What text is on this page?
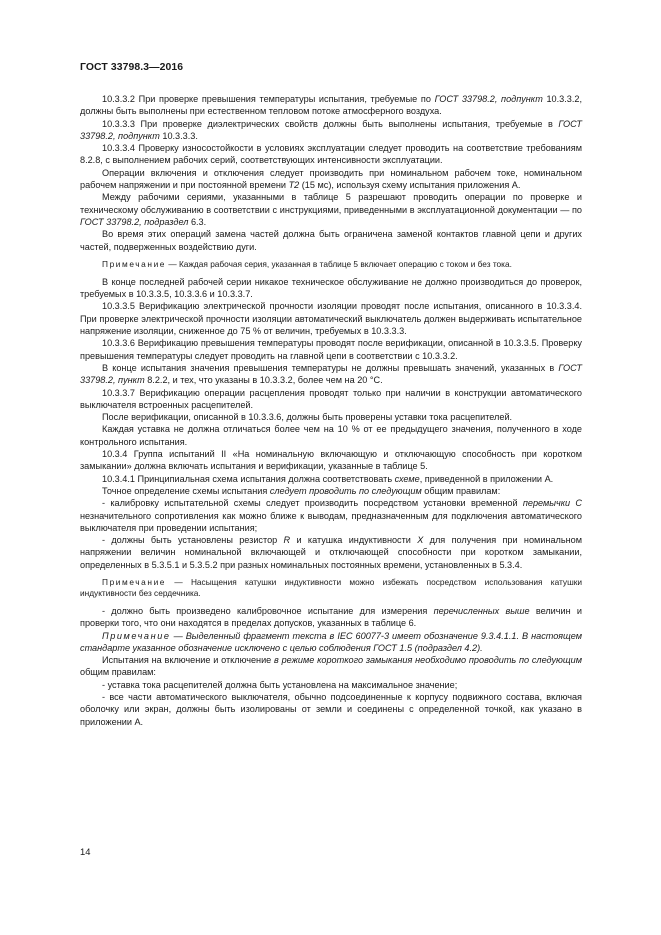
ГОСТ 33798.3—2016

10.3.3.2 При проверке превышения температуры испытания, требуемые по ГОСТ 33798.2, подпункт 10.3.3.2, должны быть выполнены при естественном тепловом потоке атмосферного воздуха.

10.3.3.3 При проверке диэлектрических свойств должны быть выполнены испытания, требуемые в ГОСТ 33798.2, подпункт 10.3.3.3.

10.3.3.4 Проверку износостойкости в условиях эксплуатации следует проводить на соответствие требованиям 8.2.8, с выполнением рабочих серий, соответствующих интенсивности эксплуатации.

Операции включения и отключения следует производить при номинальном рабочем токе, номинальном рабочем напряжении и при постоянной времени Т2 (15 мс), используя схему испытания приложения А.

Между рабочими сериями, указанными в таблице 5 разрешают проводить операции по проверке и техническому обслуживанию в соответствии с инструкциями, приведенными в эксплуатационной документации — по ГОСТ 33798.2, подраздел 6.3.

Во время этих операций замена частей должна быть ограничена заменой контактов главной цепи и других частей, подверженных воздействию дуги.

Примечание — Каждая рабочая серия, указанная в таблице 5 включает операцию с током и без тока.

В конце последней рабочей серии никакое техническое обслуживание не должно производиться до проверок, требуемых в 10.3.3.5, 10.3.3.6 и 10.3.3.7.

10.3.3.5 Верификацию электрической прочности изоляции проводят после испытания, описанного в 10.3.3.4. При проверке электрической прочности изоляции автоматический выключатель должен выдерживать испытательное напряжение изоляции, сниженное до 75 % от величин, требуемых в 10.3.3.3.

10.3.3.6 Верификацию превышения температуры проводят после верификации, описанной в 10.3.3.5. Проверку превышения температуры следует проводить на главной цепи в соответствии с 10.3.3.2.

В конце испытания значения превышения температуры не должны превышать значений, указанных в ГОСТ 33798.2, пункт 8.2.2, и тех, что указаны в 10.3.3.2, более чем на 20 °С.

10.3.3.7 Верификацию операции расцепления проводят только при наличии в конструкции автоматического выключателя встроенных расцепителей.

После верификации, описанной в 10.3.3.6, должны быть проверены уставки тока расцепителей.

Каждая уставка не должна отличаться более чем на 10 % от ее предыдущего значения, полученного в ходе контрольного испытания.

10.3.4 Группа испытаний II «На номинальную включающую и отключающую способность при коротком замыкании» должна включать испытания и верификации, указанные в таблице 5.

10.3.4.1 Принципиальная схема испытания должна соответствовать схеме, приведенной в приложении А.

Точное определение схемы испытания следует проводить по следующим общим правилам:

- калибровку испытательной схемы следует производить посредством установки временной перемычки С незначительного сопротивления как можно ближе к выводам, предназначенным для подключения автоматического выключателя при проведении испытания;

- должны быть установлены резистор R и катушка индуктивности X для получения при номинальном напряжении величин номинальной включающей и отключающей способности при коротком замыкании, определенных в 5.3.5.1 и 5.3.5.2 при разных номинальных постоянных времени, установленных в 5.3.4.

Примечание — Насыщения катушки индуктивности можно избежать посредством использования катушки индуктивности без сердечника.

- должно быть произведено калибровочное испытание для измерения перечисленных выше величин и проверки того, что они находятся в пределах допусков, указанных в таблице 6.

Примечание — Выделенный фрагмент текста в IEC 60077-3 имеет обозначение 9.3.4.1.1. В настоящем стандарте указанное обозначение исключено с целью соблюдения ГОСТ 1.5 (подраздел 4.2).

Испытания на включение и отключение в режиме короткого замыкания необходимо проводить по следующим общим правилам:

- уставка тока расцепителей должна быть установлена на максимальное значение;

- все части автоматического выключателя, обычно подсоединенные к корпусу подвижного состава, включая оболочку или экран, должны быть изолированы от земли и соединены с определенной точкой, как указано в приложении А.

14
